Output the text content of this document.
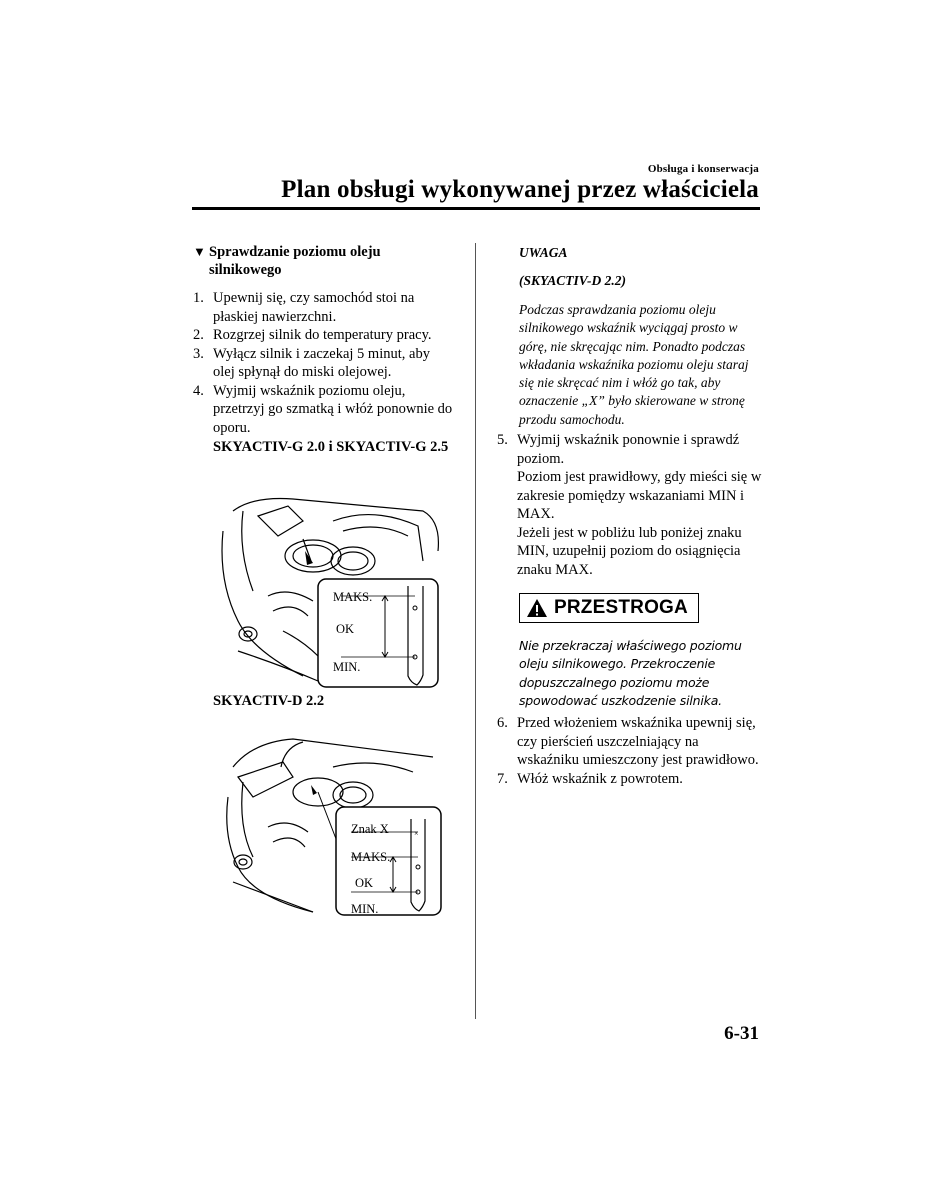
Obsługa i konserwacja
Plan obsługi wykonywanej przez właściciela
▼ Sprawdzanie poziomu oleju silnikowego
1. Upewnij się, czy samochód stoi na płaskiej nawierzchni.
2. Rozgrzej silnik do temperatury pracy.
3. Wyłącz silnik i zaczekaj 5 minut, aby olej spłynął do miski olejowej.
4. Wyjmij wskaźnik poziomu oleju, przetrzyj go szmatką i włóż ponownie do oporu.
SKYACTIV-G 2.0 i SKYACTIV-G 2.5
MAKS.
OK
MIN.
SKYACTIV-D 2.2
×
Znak X
MAKS.
OK
MIN.
UWAGA
(SKYACTIV-D 2.2)
Podczas sprawdzania poziomu oleju silnikowego wskaźnik wyciągaj prosto w górę, nie skręcając nim. Ponadto podczas wkładania wskaźnika poziomu oleju staraj się nie skręcać nim i włóż go tak, aby oznaczenie „X” było skierowane w stronę przodu samochodu.
5. Wyjmij wskaźnik ponownie i sprawdź poziom.
Poziom jest prawidłowy, gdy mieści się w zakresie pomiędzy wskazaniami MIN i MAX.
Jeżeli jest w pobliżu lub poniżej znaku MIN, uzupełnij poziom do osiągnięcia znaku MAX.
PRZESTROGA
Nie przekraczaj właściwego poziomu oleju silnikowego. Przekroczenie dopuszczalnego poziomu może spowodować uszkodzenie silnika.
6. Przed włożeniem wskaźnika upewnij się, czy pierścień uszczelniający na wskaźniku umieszczony jest prawidłowo.
7. Włóż wskaźnik z powrotem.
6-31
